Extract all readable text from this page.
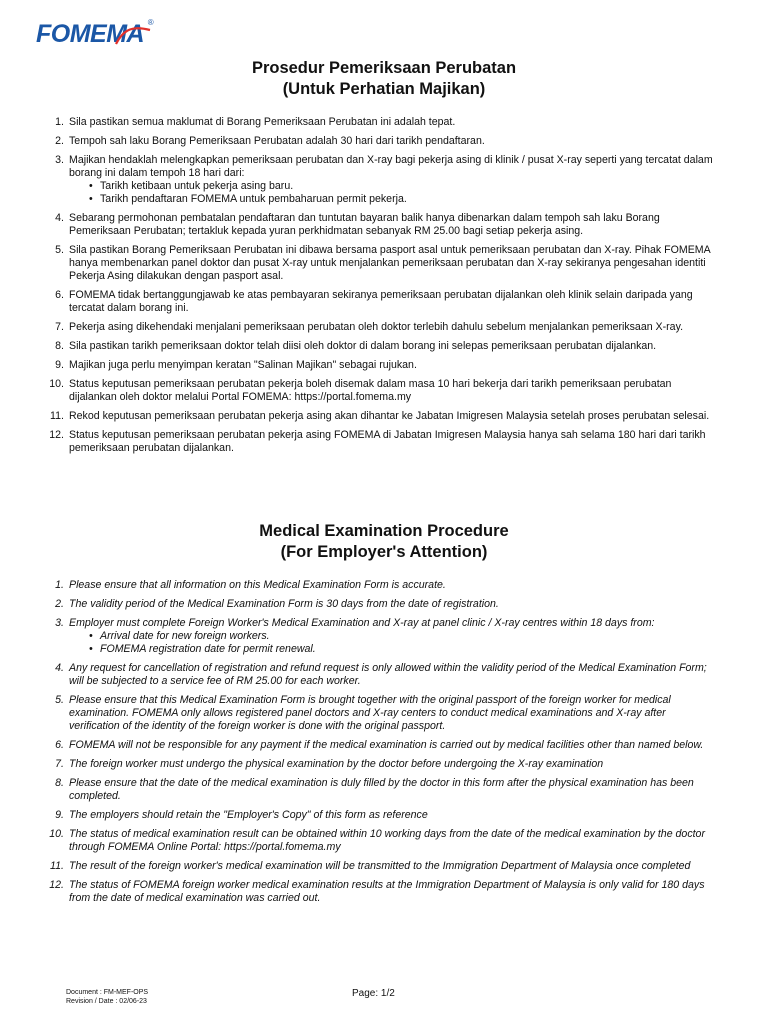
FOMEMA ®
Prosedur Pemeriksaan Perubatan
(Untuk Perhatian Majikan)
1. Sila pastikan semua maklumat di Borang Pemeriksaan Perubatan ini adalah tepat.
2. Tempoh sah laku Borang Pemeriksaan Perubatan adalah 30 hari dari tarikh pendaftaran.
3. Majikan hendaklah melengkapkan pemeriksaan perubatan dan X-ray bagi pekerja asing di klinik / pusat X-ray seperti yang tercatat dalam borang ini dalam tempoh 18 hari dari:
• Tarikh ketibaan untuk pekerja asing baru.
• Tarikh pendaftaran FOMEMA untuk pembaharuan permit pekerja.
4. Sebarang permohonan pembatalan pendaftaran dan tuntutan bayaran balik hanya dibenarkan dalam tempoh sah laku Borang Pemeriksaan Perubatan; tertakluk kepada yuran perkhidmatan sebanyak RM 25.00 bagi setiap pekerja asing.
5. Sila pastikan Borang Pemeriksaan Perubatan ini dibawa bersama pasport asal untuk pemeriksaan perubatan dan X-ray. Pihak FOMEMA hanya membenarkan panel doktor dan pusat X-ray untuk menjalankan pemeriksaan perubatan dan X-ray sekiranya pengesahan identiti Pekerja Asing dilakukan dengan pasport asal.
6. FOMEMA tidak bertanggungjawab ke atas pembayaran sekiranya pemeriksaan perubatan dijalankan oleh klinik selain daripada yang tercatat dalam borang ini.
7. Pekerja asing dikehendaki menjalani pemeriksaan perubatan oleh doktor terlebih dahulu sebelum menjalankan pemeriksaan X-ray.
8. Sila pastikan tarikh pemeriksaan doktor telah diisi oleh doktor di dalam borang ini selepas pemeriksaan perubatan dijalankan.
9. Majikan juga perlu menyimpan keratan "Salinan Majikan" sebagai rujukan.
10. Status keputusan pemeriksaan perubatan pekerja boleh disemak dalam masa 10 hari bekerja dari tarikh pemeriksaan perubatan dijalankan oleh doktor melalui Portal FOMEMA: https://portal.fomema.my
11. Rekod keputusan pemeriksaan perubatan pekerja asing akan dihantar ke Jabatan Imigresen Malaysia setelah proses perubatan selesai.
12. Status keputusan pemeriksaan perubatan pekerja asing FOMEMA di Jabatan Imigresen Malaysia hanya sah selama 180 hari dari tarikh pemeriksaan perubatan dijalankan.
Medical Examination Procedure
(For Employer's Attention)
1. Please ensure that all information on this Medical Examination Form is accurate.
2. The validity period of the Medical Examination Form is 30 days from the date of registration.
3. Employer must complete Foreign Worker's Medical Examination and X-ray at panel clinic / X-ray centres within 18 days from:
• Arrival date for new foreign workers.
• FOMEMA registration date for permit renewal.
4. Any request for cancellation of registration and refund request is only allowed within the validity period of the Medical Examination Form; will be subjected to a service fee of RM 25.00 for each worker.
5. Please ensure that this Medical Examination Form is brought together with the original passport of the foreign worker for medical examination. FOMEMA only allows registered panel doctors and X-ray centers to conduct medical examinations and X-ray after verification of the identity of the foreign worker is done with the original passport.
6. FOMEMA will not be responsible for any payment if the medical examination is carried out by medical facilities other than named below.
7. The foreign worker must undergo the physical examination by the doctor before undergoing the X-ray examination
8. Please ensure that the date of the medical examination is duly filled by the doctor in this form after the physical examination has been completed.
9. The employers should retain the "Employer's Copy" of this form as reference
10. The status of medical examination result can be obtained within 10 working days from the date of the medical examination by the doctor through FOMEMA Online Portal: https://portal.fomema.my
11. The result of the foreign worker's medical examination will be transmitted to the Immigration Department of Malaysia once completed
12. The status of FOMEMA foreign worker medical examination results at the Immigration Department of Malaysia is only valid for 180 days from the date of medical examination was carried out.
Document : FM-MEF-OPS
Revision / Date : 02/06-23
Page: 1/2
